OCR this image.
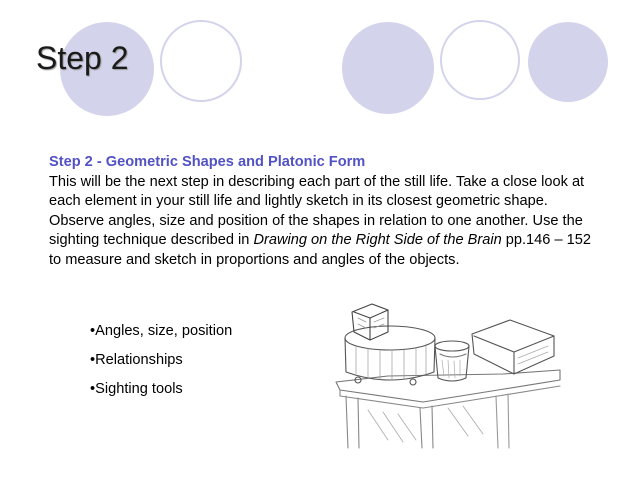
Step 2
Step 2 - Geometric Shapes and Platonic Form
This will be the next step in describing each part of the still life. Take a close look at each element in your still life and lightly sketch in its closest geometric shape. Observe angles, size and position of the shapes in relation to one another. Use the sighting technique described in Drawing on the Right Side of the Brain pp.146 – 152 to measure and sketch in proportions and angles of the objects.
•Angles, size, position
•Relationships
•Sighting tools
